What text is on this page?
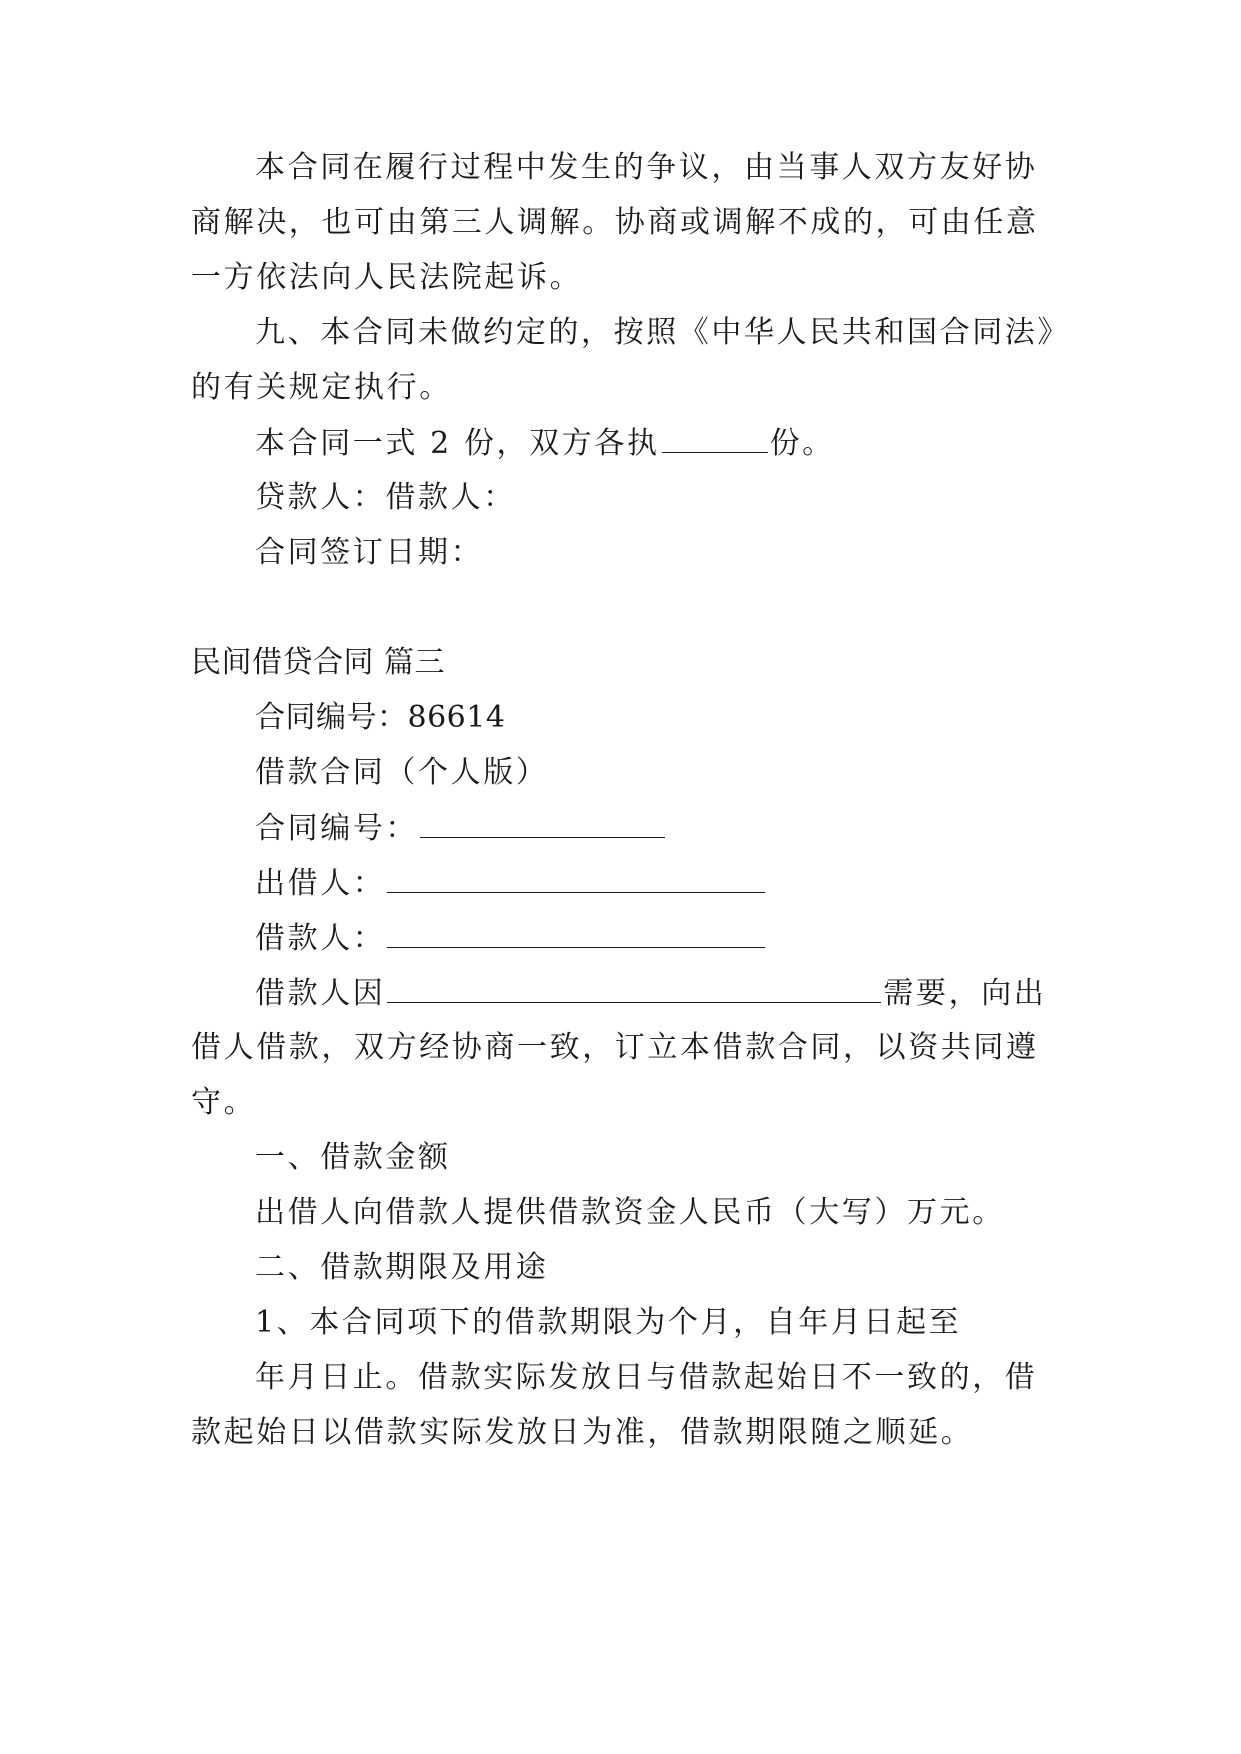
本合同在履行过程中发生的争议，由当事人双方友好协
商解决，也可由第三人调解。协商或调解不成的，可由任意
一方依法向人民法院起诉。
九、本合同未做约定的，按照《中华人民共和国合同法》
的有关规定执行。
本合同一式 2 份，双方各执	份。
贷款人：借款人：
合同签订日期：
民间借贷合同 篇三
合同编号：86614
借款合同（个人版）
合同编号：
出借人：
借款人：
借款人因	需要，向出
借人借款，双方经协商一致，订立本借款合同，以资共同遵
守。
一、借款金额
出借人向借款人提供借款资金人民币（大写）万元。
二、借款期限及用途
1、本合同项下的借款期限为个月，自年月日起至
年月日止。借款实际发放日与借款起始日不一致的，借
款起始日以借款实际发放日为准，借款期限随之顺延。
